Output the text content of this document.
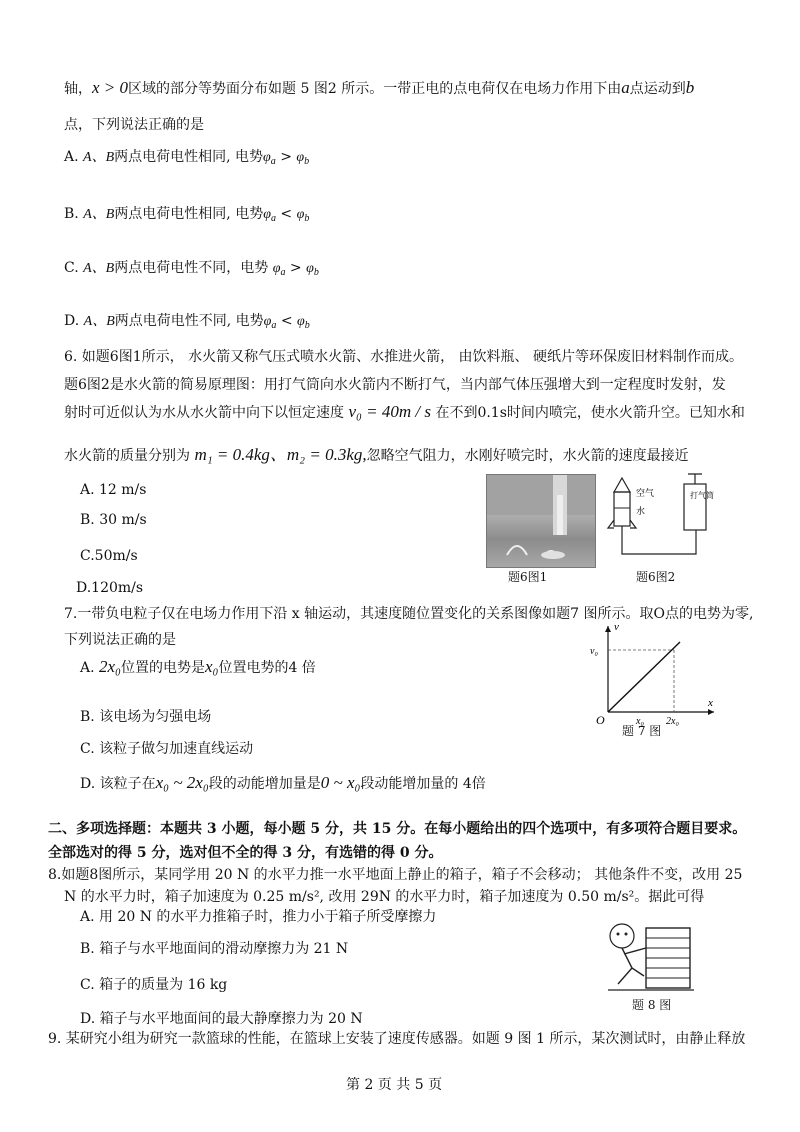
轴，x > 0区域的部分等势面分布如题 5 图2 所示。一带正电的点电荷仅在电场力作用下由a点运动到b
点，下列说法正确的是
A. A、B两点电荷电性相同, 电势$\varphi_a > \varphi_b$
B. A、B两点电荷电性相同, 电势$\varphi_a < \varphi_b$
C. A、B两点电荷电性不同，电势 $\varphi_a > \varphi_b$
D. A、B两点电荷电性不同, 电势$\varphi_a < \varphi_b$
6. 如题6图1所示， 水火箭又称气压式喷水火箭、水推进火箭， 由饮料瓶、 硬纸片等环保废旧材料制作而成。
题6图2是水火箭的简易原理图：用打气筒向水火箭内不断打气，当内部气体压强增大到一定程度时发射，发
射时可近似认为水从水火箭中向下以恒定速度 v₀ = 40m / s 在不到0.1s时间内喷完，使水火箭升空。已知水和
水火箭的质量分别为 m₁ = 0.4kg、m₂ = 0.3kg,忽略空气阻力，水刚好喷完时，水火箭的速度最接近
A. 12 m/s
B. 30 m/s
C.50m/s
D.120m/s
题6图1
空气
水
打气筒
题6图2
7.一带负电粒子仅在电场力作用下沿 x 轴运动，其速度随位置变化的关系图像如题7 图所示。取O点的电势为零,
下列说法正确的是
A. 2x₀位置的电势是x₀位置电势的4 倍
B. 该电场为匀强电场
C. 该粒子做匀加速直线运动
D. 该粒子在x₀ ~ 2x₀段的动能增加量是0 ~ x₀段动能增加量的 4倍
v
x
O
v₀
x₀ 2x₀
题 7 图
二、多项选择题：本题共 3 小题，每小题 5 分，共 15 分。在每小题给出的四个选项中，有多项符合题目要求。
全部选对的得 5 分，选对但不全的得 3 分，有选错的得 0 分。
8.如题8图所示，某同学用 20 N 的水平力推一水平地面上静止的箱子，箱子不会移动； 其他条件不变，改用 25
N 的水平力时，箱子加速度为 0.25 m/s², 改用 29N 的水平力时，箱子加速度为 0.50 m/s²。据此可得
A. 用 20 N 的水平力推箱子时，推力小于箱子所受摩擦力
B. 箱子与水平地面间的滑动摩擦力为 21 N
C. 箱子的质量为 16 kg
D. 箱子与水平地面间的最大静摩擦力为 20 N
题 8 图
9. 某研究小组为研究一款篮球的性能，在篮球上安装了速度传感器。如题 9 图 1 所示，某次测试时，由静止释放
第 2 页 共 5 页
